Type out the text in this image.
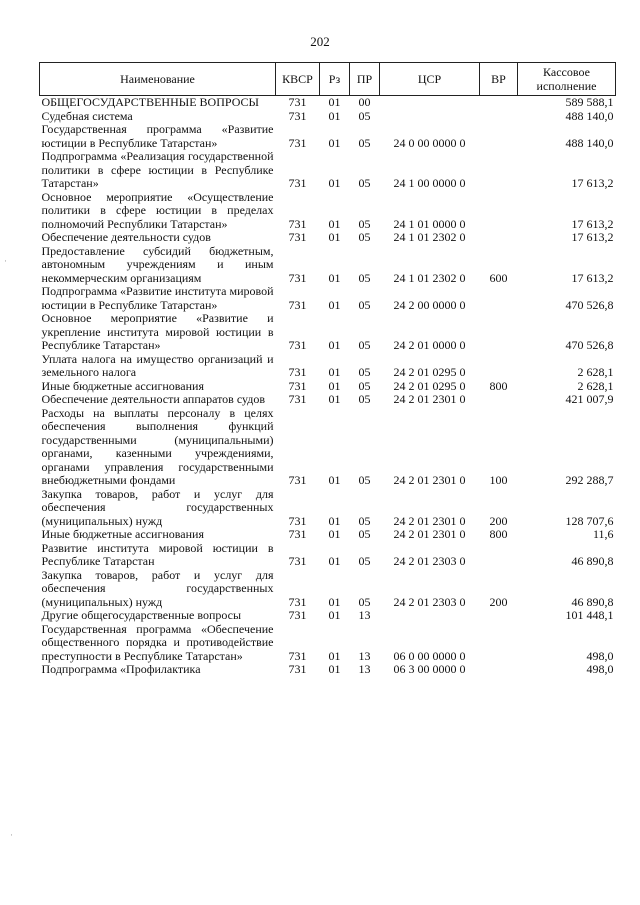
202
Наименование	КВСР	Рз	ПР	ЦСР	ВР	Кассовое исполнение
ОБЩЕГОСУДАРСТВЕННЫЕ ВОПРОСЫ	731	01	00			589 588,1
Судебная система	731	01	05			488 140,0
Государственная программа «Развитие юстиции в Республике Татарстан»	731	01	05	24 0 00 0000 0		488 140,0
Подпрограмма «Реализация государственной политики в сфере юстиции в Республике Татарстан»	731	01	05	24 1 00 0000 0		17 613,2
Основное мероприятие «Осуществление политики в сфере юстиции в пределах полномочий Республики Татарстан»	731	01	05	24 1 01 0000 0		17 613,2
Обеспечение деятельности судов	731	01	05	24 1 01 2302 0		17 613,2
Предоставление субсидий бюджетным, автономным учреждениям и иным некоммерческим организациям	731	01	05	24 1 01 2302 0	600	17 613,2
Подпрограмма «Развитие института мировой юстиции в Республике Татарстан»	731	01	05	24 2 00 0000 0		470 526,8
Основное мероприятие «Развитие и укрепление института мировой юстиции в Республике Татарстан»	731	01	05	24 2 01 0000 0		470 526,8
Уплата налога на имущество организаций и земельного налога	731	01	05	24 2 01 0295 0		2 628,1
Иные бюджетные ассигнования	731	01	05	24 2 01 0295 0	800	2 628,1
Обеспечение деятельности аппаратов судов	731	01	05	24 2 01 2301 0		421 007,9
Расходы на выплаты персоналу в целях обеспечения выполнения функций государственными (муниципальными) органами, казенными учреждениями, органами управления государственными внебюджетными фондами	731	01	05	24 2 01 2301 0	100	292 288,7
Закупка товаров, работ и услуг для обеспечения государственных (муниципальных) нужд	731	01	05	24 2 01 2301 0	200	128 707,6
Иные бюджетные ассигнования	731	01	05	24 2 01 2301 0	800	11,6
Развитие института мировой юстиции в Республике Татарстан	731	01	05	24 2 01 2303 0		46 890,8
Закупка товаров, работ и услуг для обеспечения государственных (муниципальных) нужд	731	01	05	24 2 01 2303 0	200	46 890,8
Другие общегосударственные вопросы	731	01	13			101 448,1
Государственная программа «Обеспечение общественного порядка и противодействие преступности в Республике Татарстан»	731	01	13	06 0 00 0000 0		498,0
Подпрограмма «Профилактика	731	01	13	06 3 00 0000 0		498,0
·
·
